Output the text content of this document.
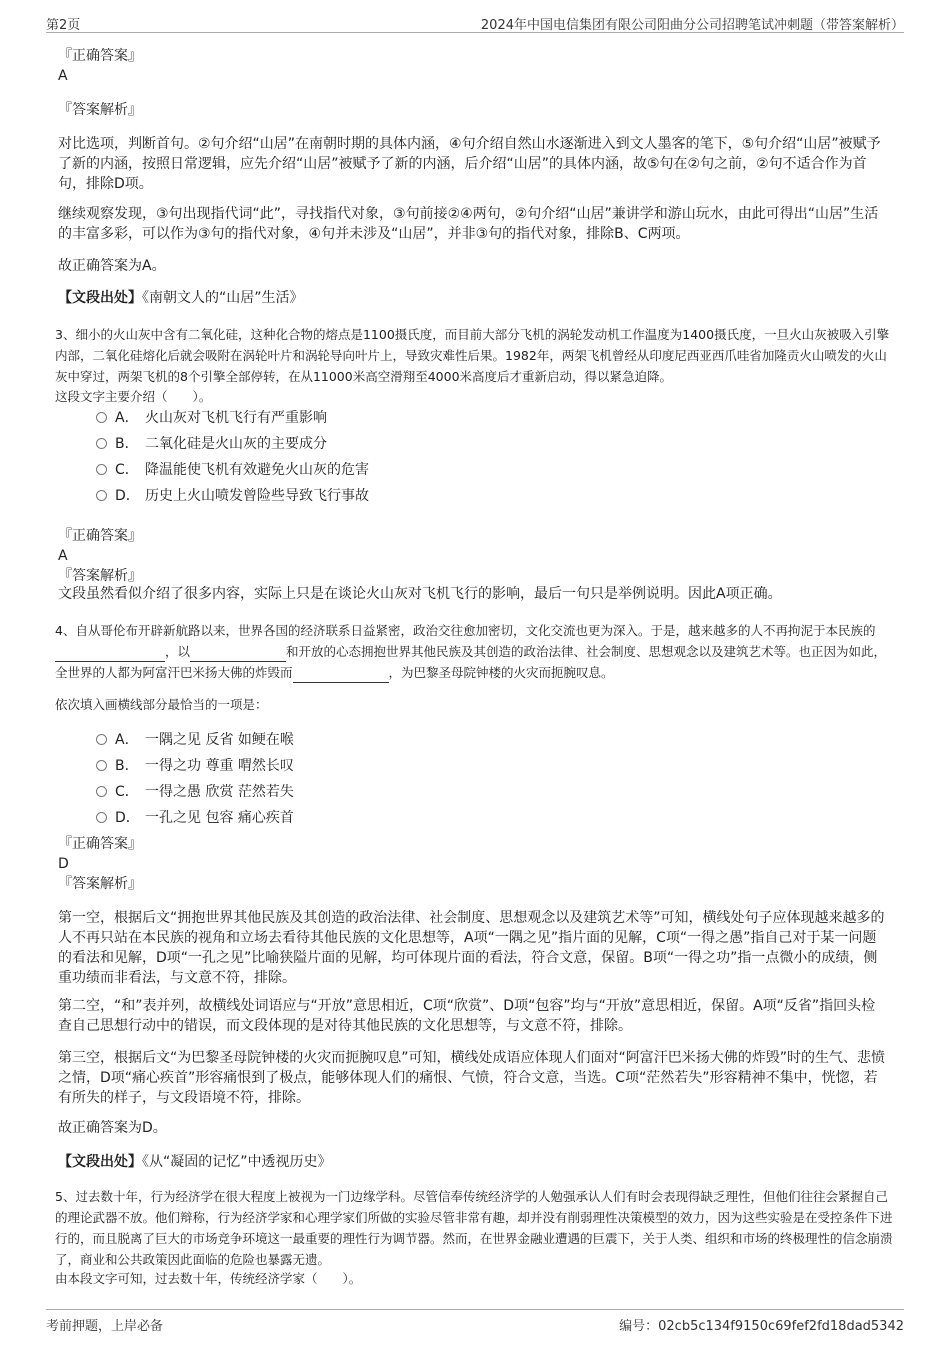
第2页	2024年中国电信集团有限公司阳曲分公司招聘笔试冲刺题（带答案解析）
『正确答案』
A
『答案解析』

对比选项，判断首句。②句介绍“山居”在南朝时期的具体内涵，④句介绍自然山水逐渐进入到文人墨客的笔下，⑤句介绍“山居”被赋予了新的内涵，按照日常逻辑，应先介绍“山居”被赋予了新的内涵，后介绍“山居”的具体内涵，故⑤句在②句之前，②句不适合作为首句，排除D项。

继续观察发现，③句出现指代词“此”，寻找指代对象，③句前接②④两句，②句介绍“山居”兼讲学和游山玩水，由此可得出“山居”生活的丰富多彩，可以作为③句的指代对象，④句并未涉及“山居”，并非③句的指代对象，排除B、C两项。

故正确答案为A。

【文段出处】《南朝文人的“山居”生活》

3、细小的火山灰中含有二氧化硅，这种化合物的熔点是1100摄氏度，而目前大部分飞机的涡轮发动机工作温度为1400摄氏度，一旦火山灰被吸入引擎内部，二氧化硅熔化后就会吸附在涡轮叶片和涡轮导向叶片上，导致灾难性后果。1982年，两架飞机曾经从印度尼西亚西爪哇省加隆贡火山喷发的火山灰中穿过，两架飞机的8个引擎全部停转，在从11000米高空滑翔至4000米高度后才重新启动，得以紧急迫降。

这段文字主要介绍（　　）。
A． 火山灰对飞机飞行有严重影响
B． 二氧化硅是火山灰的主要成分
C． 降温能使飞机有效避免火山灰的危害
D． 历史上火山喷发曾险些导致飞行事故
『正确答案』
A
『答案解析』

文段虽然看似介绍了很多内容，实际上只是在谈论火山灰对飞机飞行的影响，最后一句只是举例说明。因此A项正确。

4、自从哥伦布开辟新航路以来，世界各国的经济联系日益紧密，政治交往愈加密切，文化交流也更为深入。于是，越来越多的人不再拘泥于本民族的，以	和开放的心态拥抱世界其他民族及其创造的政治法律、社会制度、思想观念以及建筑艺术等。也正因为如此，全世界的人都为阿富汗巴米扬大佛的炸毁而	，为巴黎圣母院钟楼的火灾而扼腕叹息。

依次填入画横线部分最恰当的一项是：
A． 一隅之见 反省 如鲠在喉
B． 一得之功 尊重 喟然长叹
C． 一得之愚 欣赏 茫然若失
D． 一孔之见 包容 痛心疾首
『正确答案』
D
『答案解析』

第一空，根据后文“拥抱世界其他民族及其创造的政治法律、社会制度、思想观念以及建筑艺术等”可知，横线处句子应体现越来越多的人不再只站在本民族的视角和立场去看待其他民族的文化思想等，A项“一隅之见”指片面的见解，C项“一得之愚”指自己对于某一问题的看法和见解，D项“一孔之见”比喻狭隘片面的见解，均可体现片面的看法，符合文意，保留。B项“一得之功”指一点微小的成绩，侧重功绩而非看法，与文意不符，排除。

第二空，“和”表并列，故横线处词语应与“开放”意思相近，C项“欣赏”、D项“包容”均与“开放”意思相近，保留。A项“反省”指回头检查自己思想行动中的错误，而文段体现的是对待其他民族的文化思想等，与文意不符，排除。

第三空，根据后文“为巴黎圣母院钟楼的火灾而扼腕叹息”可知，横线处成语应体现人们面对“阿富汗巴米扬大佛的炸毁”时的生气、悲愤之情，D项“痛心疾首”形容痛恨到了极点，能够体现人们的痛恨、气愤，符合文意，当选。C项“茫然若失”形容精神不集中，恍惚，若有所失的样子，与文段语境不符，排除。

故正确答案为D。

【文段出处】《从“凝固的记忆”中透视历史》

5、过去数十年，行为经济学在很大程度上被视为一门边缘学科。尽管信奉传统经济学的人勉强承认人们有时会表现得缺乏理性，但他们往往会紧握自己的理论武器不放。他们辩称，行为经济学家和心理学家们所做的实验尽管非常有趣，却并没有削弱理性决策模型的效力，因为这些实验是在受控条件下进行的，而且脱离了巨大的市场竞争环境这一最重要的理性行为调节器。然而，在世界金融业遭遇的巨震下，关于人类、组织和市场的终极理性的信念崩溃了，商业和公共政策因此面临的危险也暴露无遗。

由本段文字可知，过去数十年，传统经济学家（　　）。
考前押题，上岸必备	编号：02cb5c134f9150c69fef2fd18dad5342
